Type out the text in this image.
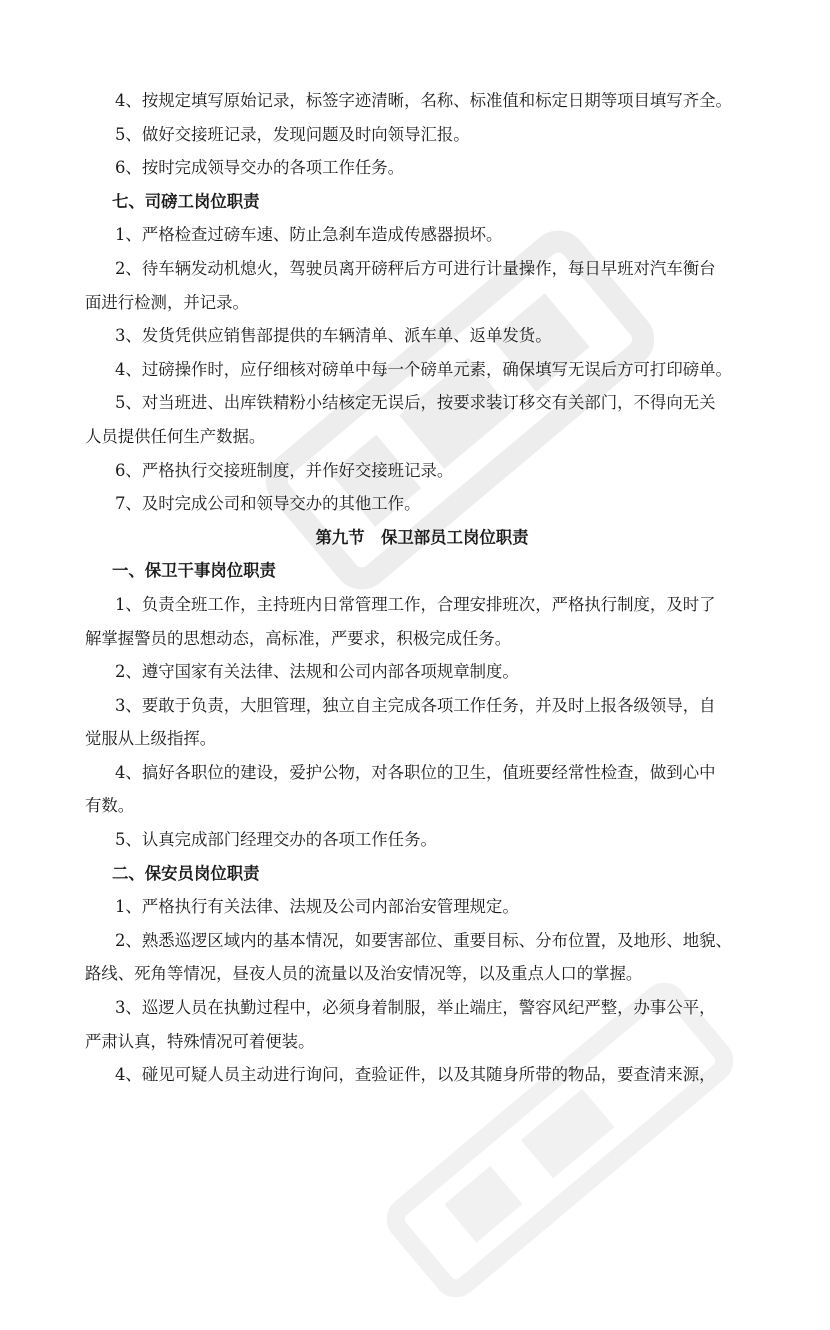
4、按规定填写原始记录，标签字迹清晰，名称、标准值和标定日期等项目填写齐全。

5、做好交接班记录，发现问题及时向领导汇报。

6、按时完成领导交办的各项工作任务。

七、司磅工岗位职责

1、严格检查过磅车速、防止急刹车造成传感器损坏。

2、待车辆发动机熄火，驾驶员离开磅秤后方可进行计量操作，每日早班对汽车衡台

面进行检测，并记录。

3、发货凭供应销售部提供的车辆清单、派车单、返单发货。

4、过磅操作时，应仔细核对磅单中每一个磅单元素，确保填写无误后方可打印磅单。

5、对当班进、出库铁精粉小结核定无误后，按要求装订移交有关部门，不得向无关

人员提供任何生产数据。

6、严格执行交接班制度，并作好交接班记录。

7、及时完成公司和领导交办的其他工作。

第九节　保卫部员工岗位职责

一、保卫干事岗位职责

1、负责全班工作，主持班内日常管理工作，合理安排班次，严格执行制度，及时了

解掌握警员的思想动态，高标准，严要求，积极完成任务。

2、遵守国家有关法律、法规和公司内部各项规章制度。

3、要敢于负责，大胆管理，独立自主完成各项工作任务，并及时上报各级领导，自

觉服从上级指挥。

4、搞好各职位的建设，爱护公物，对各职位的卫生，值班要经常性检查，做到心中

有数。

5、认真完成部门经理交办的各项工作任务。

二、保安员岗位职责

1、严格执行有关法律、法规及公司内部治安管理规定。

2、熟悉巡逻区域内的基本情况，如要害部位、重要目标、分布位置，及地形、地貌、

路线、死角等情况，昼夜人员的流量以及治安情况等，以及重点人口的掌握。

3、巡逻人员在执勤过程中，必须身着制服，举止端庄，警容风纪严整，办事公平，

严肃认真，特殊情况可着便装。

4、碰见可疑人员主动进行询问，查验证件，以及其随身所带的物品，要查清来源，
